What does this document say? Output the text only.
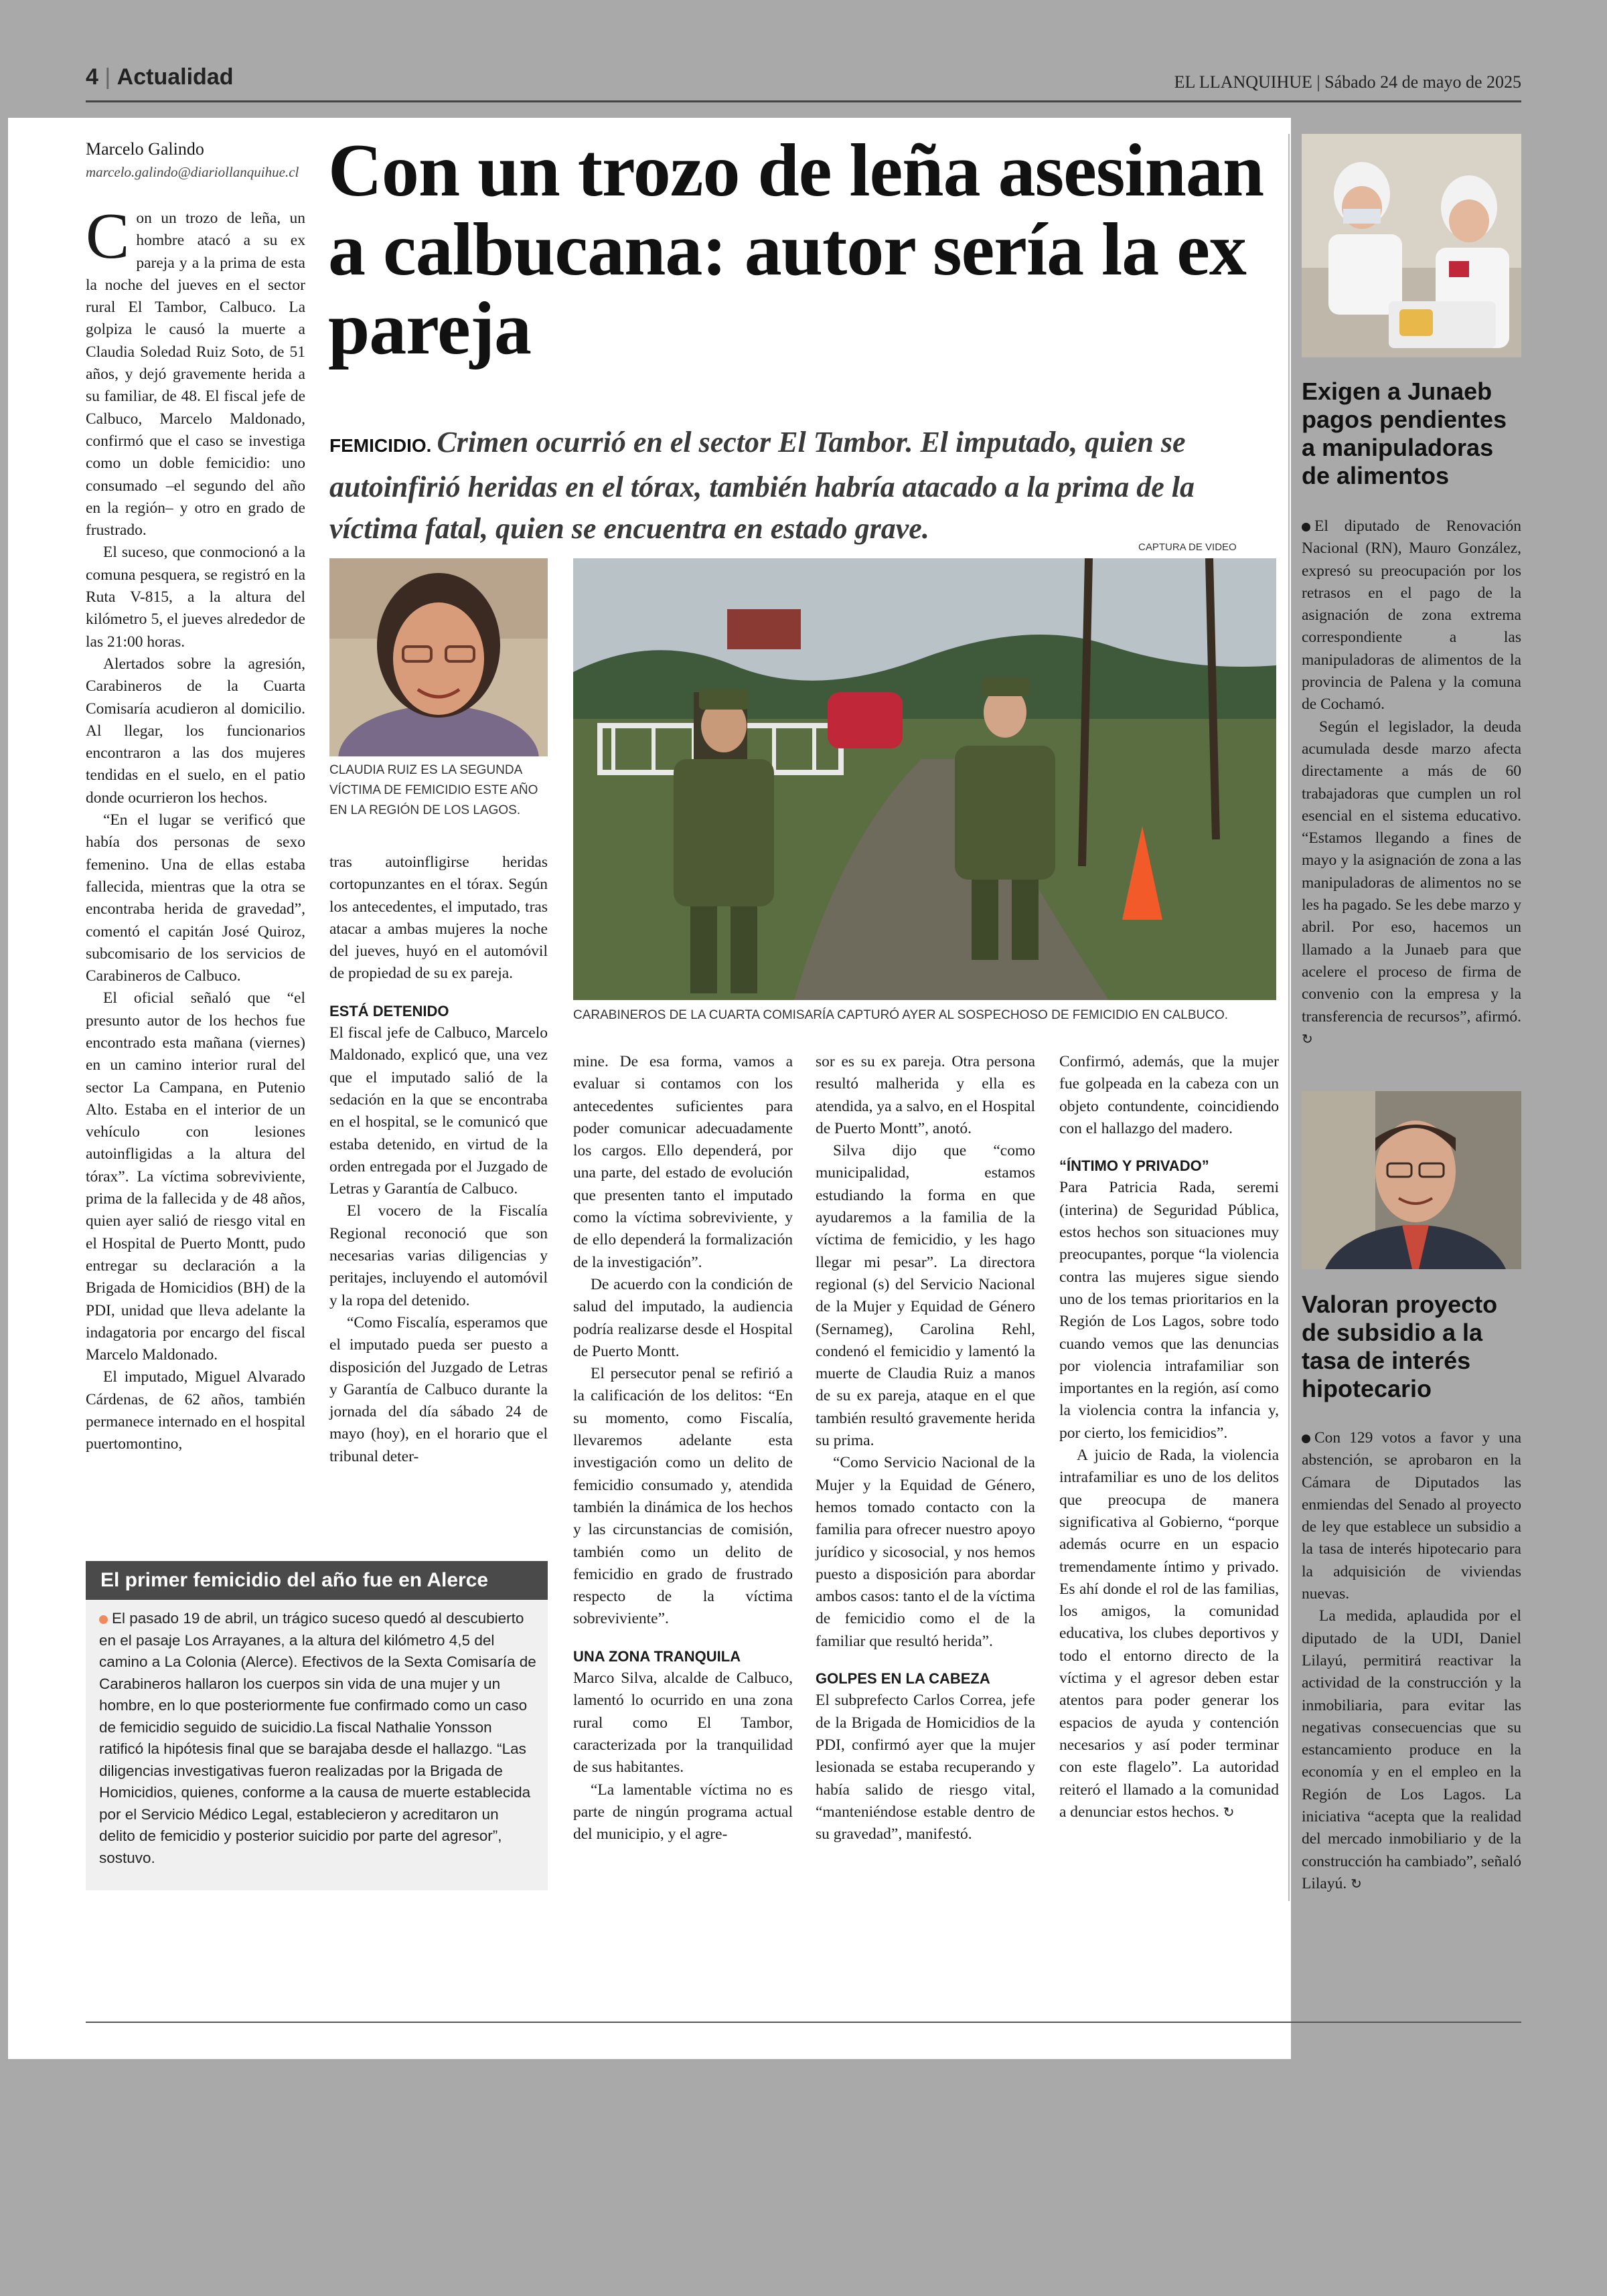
4 | Actualidad	EL LLANQUIHUE | Sábado 24 de mayo de 2025
Marcelo Galindo
marcelo.galindo@diariollanquihue.cl

Con un trozo de leña, un hombre atacó a su ex pareja y a la prima de esta la noche del jueves en el sector rural El Tambor, Calbuco. La golpiza le causó la muerte a Claudia Soledad Ruiz Soto, de 51 años, y dejó gravemente herida a su familiar, de 48. El fiscal jefe de Calbuco, Marcelo Maldonado, confirmó que el caso se investiga como un doble femicidio: uno consumado –el segundo del año en la región– y otro en grado de frustrado.

El suceso, que conmocionó a la comuna pesquera, se registró en la Ruta V-815, a la altura del kilómetro 5, el jueves alrededor de las 21:00 horas.

Alertados sobre la agresión, Carabineros de la Cuarta Comisaría acudieron al domicilio. Al llegar, los funcionarios encontraron a las dos mujeres tendidas en el suelo, en el patio donde ocurrieron los hechos.

“En el lugar se verificó que había dos personas de sexo femenino. Una de ellas estaba fallecida, mientras que la otra se encontraba herida de gravedad”, comentó el capitán José Quiroz, subcomisario de los servicios de Carabineros de Calbuco.

El oficial señaló que “el presunto autor de los hechos fue encontrado esta mañana (viernes) en un camino interior rural del sector La Campana, en Putenio Alto. Estaba en el interior de un vehículo con lesiones autoinfligidas a la altura del tórax”. La víctima sobreviviente, prima de la fallecida y de 48 años, quien ayer salió de riesgo vital en el Hospital de Puerto Montt, pudo entregar su declaración a la Brigada de Homicidios (BH) de la PDI, unidad que lleva adelante la indagatoria por encargo del fiscal Marcelo Maldonado.

El imputado, Miguel Alvarado Cárdenas, de 62 años, también permanece internado en el hospital puertomontino,

Con un trozo de leña asesinan a calbucana: autor sería la ex pareja
FEMICIDIO. Crimen ocurrió en el sector El Tambor. El imputado, quien se autoinfirió heridas en el tórax, también habría atacado a la prima de la víctima fatal, quien se encuentra en estado grave.
CAPTURA DE VIDEO
CLAUDIA RUIZ ES LA SEGUNDA VÍCTIMA DE FEMICIDIO ESTE AÑO EN LA REGIÓN DE LOS LAGOS.
CARABINEROS DE LA CUARTA COMISARÍA CAPTURÓ AYER AL SOSPECHOSO DE FEMICIDIO EN CALBUCO.

tras autoinfligirse heridas cortopunzantes en el tórax. Según los antecedentes, el imputado, tras atacar a ambas mujeres la noche del jueves, huyó en el automóvil de propiedad de su ex pareja.

ESTÁ DETENIDO

El fiscal jefe de Calbuco, Marcelo Maldonado, explicó que, una vez que el imputado salió de la sedación en la que se encontraba en el hospital, se le comunicó que estaba detenido, en virtud de la orden entregada por el Juzgado de Letras y Garantía de Calbuco.

El vocero de la Fiscalía Regional reconoció que son necesarias varias diligencias y peritajes, incluyendo el automóvil y la ropa del detenido.

“Como Fiscalía, esperamos que el imputado pueda ser puesto a disposición del Juzgado de Letras y Garantía de Calbuco durante la jornada del día sábado 24 de mayo (hoy), en el horario que el tribunal deter-

mine. De esa forma, vamos a evaluar si contamos con los antecedentes suficientes para poder comunicar adecuadamente los cargos. Ello dependerá, por una parte, del estado de evolución que presenten tanto el imputado como la víctima sobreviviente, y de ello dependerá la formalización de la investigación”.

De acuerdo con la condición de salud del imputado, la audiencia podría realizarse desde el Hospital de Puerto Montt.

El persecutor penal se refirió a la calificación de los delitos: “En su momento, como Fiscalía, llevaremos adelante esta investigación como un delito de femicidio consumado y, atendida también la dinámica de los hechos y las circunstancias de comisión, también como un delito de femicidio en grado de frustrado respecto de la víctima sobreviviente”.

UNA ZONA TRANQUILA

Marco Silva, alcalde de Calbuco, lamentó lo ocurrido en una zona rural como El Tambor, caracterizada por la tranquilidad de sus habitantes.

“La lamentable víctima no es parte de ningún programa actual del municipio, y el agre-

sor es su ex pareja. Otra persona resultó malherida y ella es atendida, ya a salvo, en el Hospital de Puerto Montt”, anotó.

Silva dijo que “como municipalidad, estamos estudiando la forma en que ayudaremos a la familia de la víctima de femicidio, y les hago llegar mi pesar”. La directora regional (s) del Servicio Nacional de la Mujer y Equidad de Género (Sernameg), Carolina Rehl, condenó el femicidio y lamentó la muerte de Claudia Ruiz a manos de su ex pareja, ataque en el que también resultó gravemente herida su prima.

“Como Servicio Nacional de la Mujer y la Equidad de Género, hemos tomado contacto con la familia para ofrecer nuestro apoyo jurídico y sicosocial, y nos hemos puesto a disposición para abordar ambos casos: tanto el de la víctima de femicidio como el de la familiar que resultó herida”.

GOLPES EN LA CABEZA

El subprefecto Carlos Correa, jefe de la Brigada de Homicidios de la PDI, confirmó ayer que la mujer lesionada se estaba recuperando y había salido de riesgo vital, “manteniéndose estable dentro de su gravedad”, manifestó.

Confirmó, además, que la mujer fue golpeada en la cabeza con un objeto contundente, coincidiendo con el hallazgo del madero.

“ÍNTIMO Y PRIVADO”

Para Patricia Rada, seremi (interina) de Seguridad Pública, estos hechos son situaciones muy preocupantes, porque “la violencia contra las mujeres sigue siendo uno de los temas prioritarios en la Región de Los Lagos, sobre todo cuando vemos que las denuncias por violencia intrafamiliar son importantes en la región, así como la violencia contra la infancia y, por cierto, los femicidios”.

A juicio de Rada, la violencia intrafamiliar es uno de los delitos que preocupa de manera significativa al Gobierno, “porque además ocurre en un espacio tremendamente íntimo y privado. Es ahí donde el rol de las familias, los amigos, la comunidad educativa, los clubes deportivos y todo el entorno directo de la víctima y el agresor deben estar atentos para poder generar los espacios de ayuda y contención necesarios y así poder terminar con este flagelo”. La autoridad reiteró el llamado a la comunidad a denunciar estos hechos. ↻

El primer femicidio del año fue en Alerce
El pasado 19 de abril, un trágico suceso quedó al descubierto en el pasaje Los Arrayanes, a la altura del kilómetro 4,5 del camino a La Colonia (Alerce). Efectivos de la Sexta Comisaría de Carabineros hallaron los cuerpos sin vida de una mujer y un hombre, en lo que posteriormente fue confirmado como un caso de femicidio seguido de suicidio.La fiscal Nathalie Yonsson ratificó la hipótesis final que se barajaba desde el hallazgo. “Las diligencias investigativas fueron realizadas por la Brigada de Homicidios, quienes, conforme a la causa de muerte establecida por el Servicio Médico Legal, establecieron y acreditaron un delito de femicidio y posterior suicidio por parte del agresor”, sostuvo.
Exigen a Junaeb pagos pendientes a manipuladoras de alimentos

El diputado de Renovación Nacional (RN), Mauro González, expresó su preocupación por los retrasos en el pago de la asignación de zona extrema correspondiente a las manipuladoras de alimentos de la provincia de Palena y la comuna de Cochamó.

Según el legislador, la deuda acumulada desde marzo afecta directamente a más de 60 trabajadoras que cumplen un rol esencial en el sistema educativo. “Estamos llegando a fines de mayo y la asignación de zona a las manipuladoras de alimentos no se les ha pagado. Se les debe marzo y abril. Por eso, hacemos un llamado a la Junaeb para que acelere el proceso de firma de convenio con la empresa y la transferencia de recursos”, afirmó. ↻

Valoran proyecto de subsidio a la tasa de interés hipotecario

Con 129 votos a favor y una abstención, se aprobaron en la Cámara de Diputados las enmiendas del Senado al proyecto de ley que establece un subsidio a la tasa de interés hipotecario para la adquisición de viviendas nuevas.

La medida, aplaudida por el diputado de la UDI, Daniel Lilayú, permitirá reactivar la actividad de la construcción y la inmobiliaria, para evitar las negativas consecuencias que su estancamiento produce en la economía y en el empleo en la Región de Los Lagos. La iniciativa “acepta que la realidad del mercado inmobiliario y de la construcción ha cambiado”, señaló Lilayú. ↻
